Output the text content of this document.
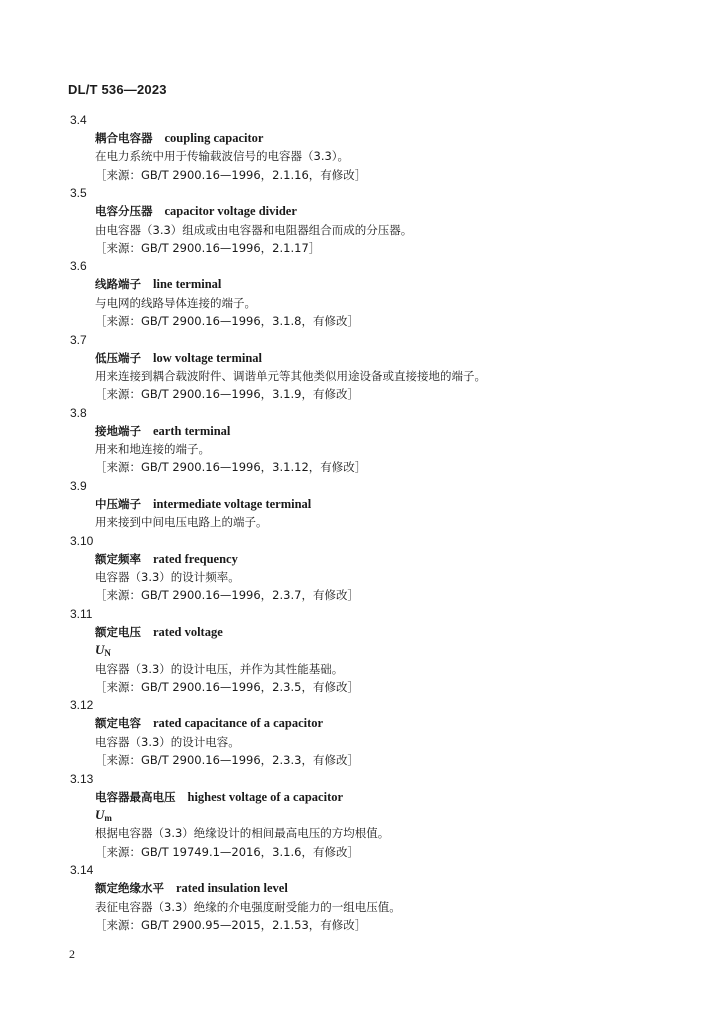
DL/T 536—2023
3.4
耦合电容器 coupling capacitor
在电力系统中用于传输载波信号的电容器（3.3）。
［来源：GB/T 2900.16—1996，2.1.16，有修改］
3.5
电容分压器 capacitor voltage divider
由电容器（3.3）组成或由电容器和电阻器组合而成的分压器。
［来源：GB/T 2900.16—1996，2.1.17］
3.6
线路端子 line terminal
与电网的线路导体连接的端子。
［来源：GB/T 2900.16—1996，3.1.8，有修改］
3.7
低压端子 low voltage terminal
用来连接到耦合载波附件、调谐单元等其他类似用途设备或直接接地的端子。
［来源：GB/T 2900.16—1996，3.1.9，有修改］
3.8
接地端子 earth terminal
用来和地连接的端子。
［来源：GB/T 2900.16—1996，3.1.12，有修改］
3.9
中压端子 intermediate voltage terminal
用来接到中间电压电路上的端子。
3.10
额定频率 rated frequency
电容器（3.3）的设计频率。
［来源：GB/T 2900.16—1996，2.3.7，有修改］
3.11
额定电压 rated voltage
UN
电容器（3.3）的设计电压，并作为其性能基础。
［来源：GB/T 2900.16—1996，2.3.5，有修改］
3.12
额定电容 rated capacitance of a capacitor
电容器（3.3）的设计电容。
［来源：GB/T 2900.16—1996，2.3.3，有修改］
3.13
电容器最高电压 highest voltage of a capacitor
Um
根据电容器（3.3）绝缘设计的相间最高电压的方均根值。
［来源：GB/T 19749.1—2016，3.1.6，有修改］
3.14
额定绝缘水平 rated insulation level
表征电容器（3.3）绝缘的介电强度耐受能力的一组电压值。
［来源：GB/T 2900.95—2015，2.1.53，有修改］
2
